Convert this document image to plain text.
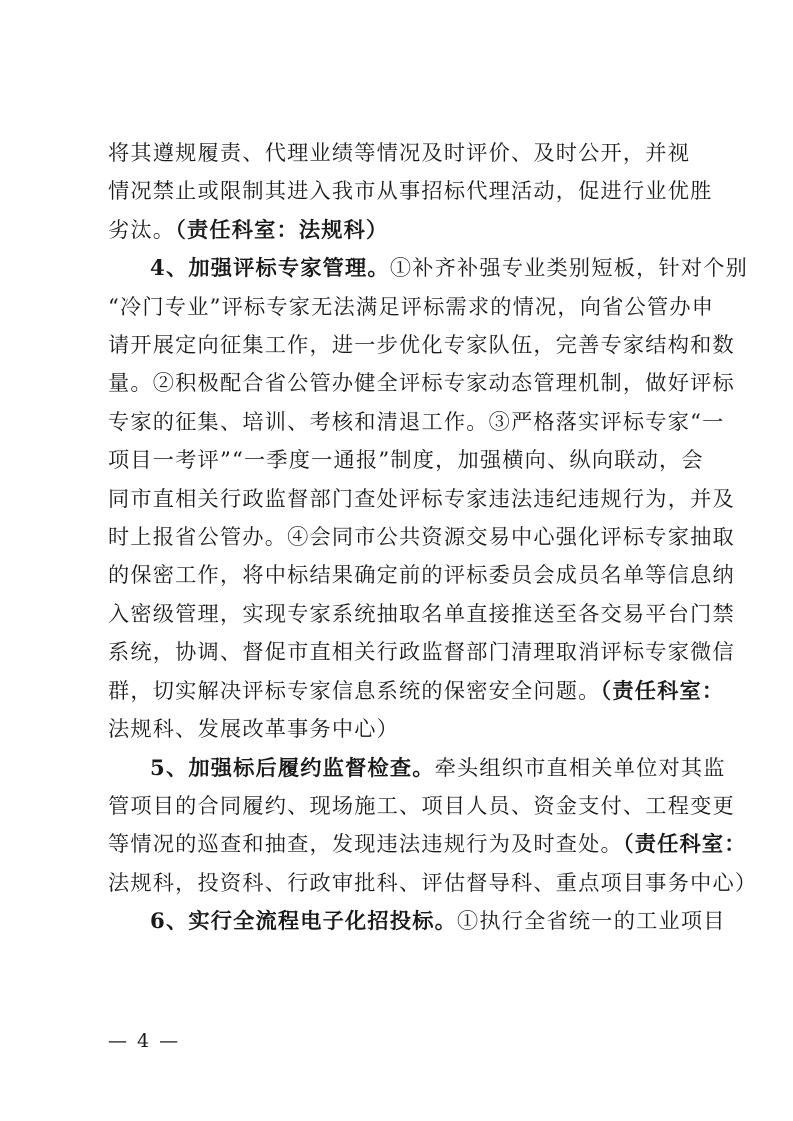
将其遵规履责、代理业绩等情况及时评价、及时公开，并视
情况禁止或限制其进入我市从事招标代理活动，促进行业优胜
劣汰。（责任科室：法规科）
4、加强评标专家管理。①补齐补强专业类别短板，针对个别
“冷门专业”评标专家无法满足评标需求的情况，向省公管办申
请开展定向征集工作，进一步优化专家队伍，完善专家结构和数
量。②积极配合省公管办健全评标专家动态管理机制，做好评标
专家的征集、培训、考核和清退工作。③严格落实评标专家“一
项目一考评”“一季度一通报”制度，加强横向、纵向联动，会
同市直相关行政监督部门查处评标专家违法违纪违规行为，并及
时上报省公管办。④会同市公共资源交易中心强化评标专家抽取
的保密工作，将中标结果确定前的评标委员会成员名单等信息纳
入密级管理，实现专家系统抽取名单直接推送至各交易平台门禁
系统，协调、督促市直相关行政监督部门清理取消评标专家微信
群，切实解决评标专家信息系统的保密安全问题。（责任科室：
法规科、发展改革事务中心）
5、加强标后履约监督检查。牵头组织市直相关单位对其监
管项目的合同履约、现场施工、项目人员、资金支付、工程变更
等情况的巡查和抽查，发现违法违规行为及时查处。（责任科室：
法规科，投资科、行政审批科、评估督导科、重点项目事务中心）
6、实行全流程电子化招投标。①执行全省统一的工业项目
— 4 —
